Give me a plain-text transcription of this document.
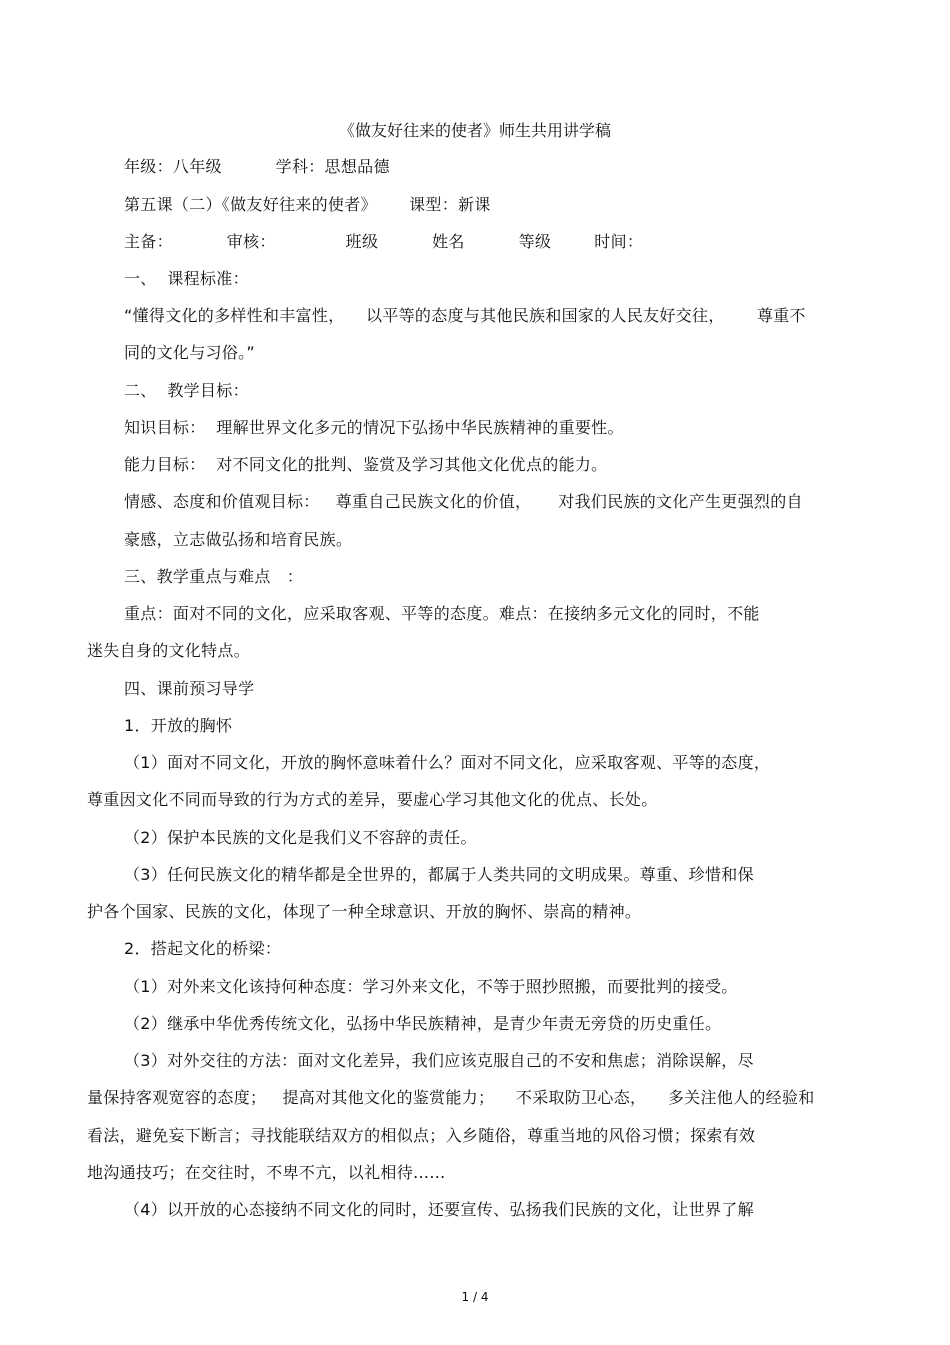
《做友好往来的使者》师生共用讲学稿
年级：八年级          学科：思想品德
第五课（二）《做友好往来的使者》      课型：新课
主备：          审核：             班级          姓名          等级        时间：
一、  课程标准：
“懂得文化的多样性和丰富性，    以平等的态度与其他民族和国家的人民友好交往，      尊重不
同的文化与习俗。”
二、  教学目标：
知识目标：  理解世界文化多元的情况下弘扬中华民族精神的重要性。
能力目标：  对不同文化的批判、鉴赏及学习其他文化优点的能力。
情感、态度和价值观目标：   尊重自己民族文化的价值，     对我们民族的文化产生更强烈的自
豪感，立志做弘扬和培育民族。
三、教学重点与难点   ：
重点：面对不同的文化，应采取客观、平等的态度。难点：在接纳多元文化的同时，不能
迷失自身的文化特点。
四、课前预习导学
1．开放的胸怀
（1）面对不同文化，开放的胸怀意味着什么？面对不同文化，应采取客观、平等的态度，
尊重因文化不同而导致的行为方式的差异，要虚心学习其他文化的优点、长处。
（2）保护本民族的文化是我们义不容辞的责任。
（3）任何民族文化的精华都是全世界的，都属于人类共同的文明成果。尊重、珍惜和保
护各个国家、民族的文化，体现了一种全球意识、开放的胸怀、崇高的精神。
2．搭起文化的桥梁：
（1）对外来文化该持何种态度：学习外来文化，不等于照抄照搬，而要批判的接受。
（2）继承中华优秀传统文化，弘扬中华民族精神，是青少年责无旁贷的历史重任。
（3）对外交往的方法：面对文化差异，我们应该克服自己的不安和焦虑；消除误解，尽
量保持客观宽容的态度；   提高对其他文化的鉴赏能力；    不采取防卫心态，    多关注他人的经验和
看法，避免妄下断言；寻找能联结双方的相似点；入乡随俗，尊重当地的风俗习惯；探索有效
地沟通技巧；在交往时，不卑不亢，以礼相待……
（4）以开放的心态接纳不同文化的同时，还要宣传、弘扬我们民族的文化，让世界了解
1 / 4
